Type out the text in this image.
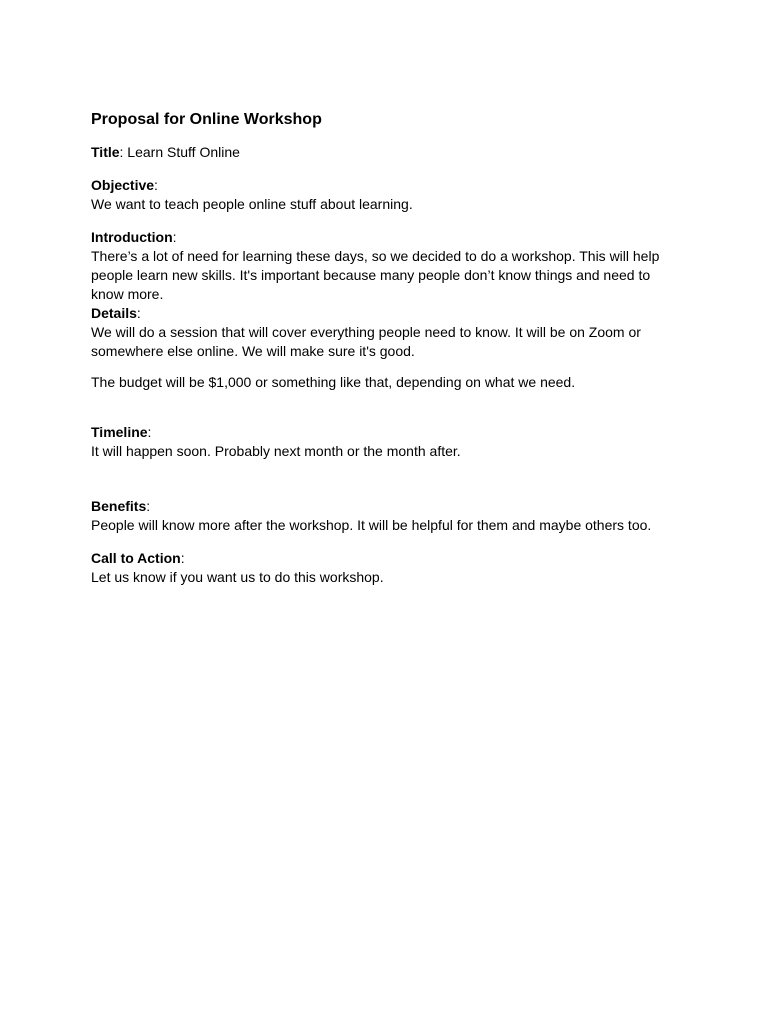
Proposal for Online Workshop

Title: Learn Stuff Online

Objective:

We want to teach people online stuff about learning.

Introduction:

There’s a lot of need for learning these days, so we decided to do a workshop. This will help people learn new skills. It's important because many people don’t know things and need to know more.

Details:

We will do a session that will cover everything people need to know. It will be on Zoom or somewhere else online. We will make sure it's good.

The budget will be $1,000 or something like that, depending on what we need.

Timeline:

It will happen soon. Probably next month or the month after.

Benefits:

People will know more after the workshop. It will be helpful for them and maybe others too.

Call to Action:

Let us know if you want us to do this workshop.
